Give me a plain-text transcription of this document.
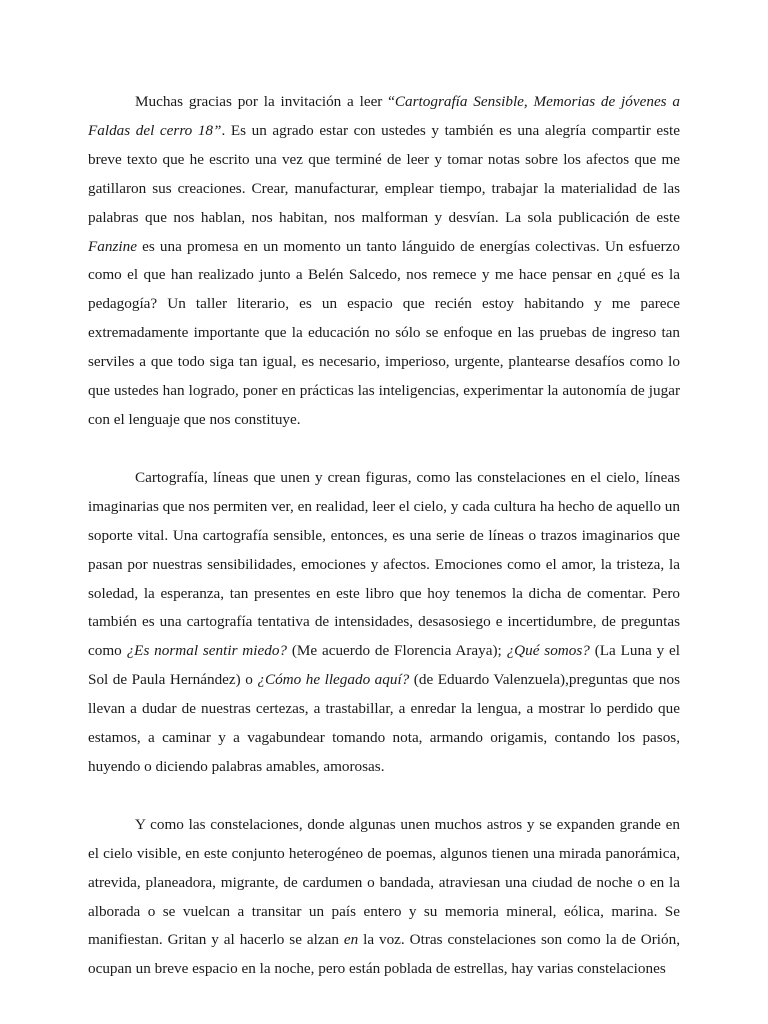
Muchas gracias por la invitación a leer “Cartografía Sensible, Memorias de jóvenes a Faldas del cerro 18”. Es un agrado estar con ustedes y también es una alegría compartir este breve texto que he escrito una vez que terminé de leer y tomar notas sobre los afectos que me gatillaron sus creaciones. Crear, manufacturar, emplear tiempo, trabajar la materialidad de las palabras que nos hablan, nos habitan, nos malforman y desvían. La sola publicación de este Fanzine es una promesa en un momento un tanto lánguido de energías colectivas. Un esfuerzo como el que han realizado junto a Belén Salcedo, nos remece y me hace pensar en ¿qué es la pedagogía? Un taller literario, es un espacio que recién estoy habitando y me parece extremadamente importante que la educación no sólo se enfoque en las pruebas de ingreso tan serviles a que todo siga tan igual, es necesario, imperioso, urgente, plantearse desafíos como lo que ustedes han logrado, poner en prácticas las inteligencias, experimentar la autonomía de jugar con el lenguaje que nos constituye.

Cartografía, líneas que unen y crean figuras, como las constelaciones en el cielo, líneas imaginarias que nos permiten ver, en realidad, leer el cielo, y cada cultura ha hecho de aquello un soporte vital. Una cartografía sensible, entonces, es una serie de líneas o trazos imaginarios que pasan por nuestras sensibilidades, emociones y afectos. Emociones como el amor, la tristeza, la soledad, la esperanza, tan presentes en este libro que hoy tenemos la dicha de comentar. Pero también es una cartografía tentativa de intensidades, desasosiego e incertidumbre, de preguntas como ¿Es normal sentir miedo? (Me acuerdo de Florencia Araya); ¿Qué somos? (La Luna y el Sol de Paula Hernández) o ¿Cómo he llegado aquí? (de Eduardo Valenzuela),preguntas que nos llevan a dudar de nuestras certezas, a trastabillar, a enredar la lengua, a mostrar lo perdido que estamos, a caminar y a vagabundear tomando nota, armando origamis, contando los pasos, huyendo o diciendo palabras amables, amorosas.

Y como las constelaciones, donde algunas unen muchos astros y se expanden grande en el cielo visible, en este conjunto heterogéneo de poemas, algunos tienen una mirada panorámica, atrevida, planeadora, migrante, de cardumen o bandada, atraviesan una ciudad de noche o en la alborada o se vuelcan a transitar un país entero y su memoria mineral, eólica, marina. Se manifiestan. Gritan y al hacerlo se alzan en la voz. Otras constelaciones son como la de Orión, ocupan un breve espacio en la noche, pero están poblada de estrellas, hay varias constelaciones
